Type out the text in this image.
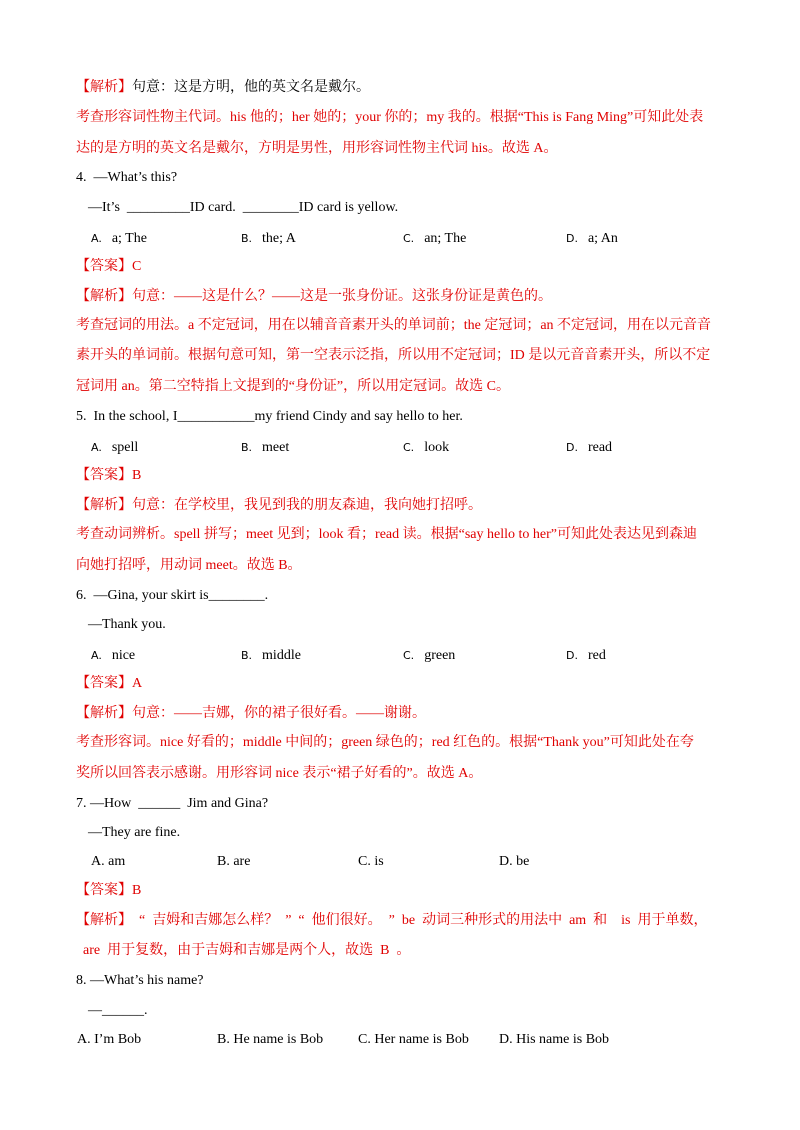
【解析】句意：这是方明，他的英文名是戴尔。
考查形容词性物主代词。his 他的；her 她的；your 你的；my 我的。根据“This is Fang Ming”可知此处表
达的是方明的英文名是戴尔，方明是男性，用形容词性物主代词 his。故选 A。
4.  —What’s this?
—It’s  _________ID card.  ________ID card is yellow.
A. a; The	B. the; A	C. an; The	D. a; An
【答案】C
【解析】句意：——这是什么？——这是一张身份证。这张身份证是黄色的。
考查冠词的用法。a 不定冠词，用在以辅音音素开头的单词前；the 定冠词；an 不定冠词，用在以元音音
素开头的单词前。根据句意可知，第一空表示泛指，所以用不定冠词；ID 是以元音音素开头，所以不定
冠词用 an。第二空特指上文提到的“身份证”，所以用定冠词。故选 C。
5.  In the school, I___________my friend Cindy and say hello to her.
A. spell	B. meet	C. look	D. read
【答案】B
【解析】句意：在学校里，我见到我的朋友森迪，我向她打招呼。
考查动词辨析。spell 拼写；meet 见到；look 看；read 读。根据“say hello to her”可知此处表达见到森迪
向她打招呼，用动词 meet。故选 B。
6.  —Gina, your skirt is________.
—Thank you.
A. nice	B. middle	C. green	D. red
【答案】A
【解析】句意：——吉娜，你的裙子很好看。——谢谢。
考查形容词。nice 好看的；middle 中间的；green 绿色的；red 红色的。根据“Thank you”可知此处在夸
奖所以回答表示感谢。用形容词 nice 表示“裙子好看的”。故选 A。
7. —How  ______  Jim and Gina?
—They are fine.
A. am	B. are	C. is	D. be
【答案】B
【解析】  “  吉姆和吉娜怎么样？  ”  “  他们很好。  ”  be  动词三种形式的用法中  am  和    is  用于单数，
are  用于复数，由于吉姆和吉娜是两个人，故选  B  。
8. —What’s his name?
—______.
A. I’m Bob	B. He name is Bob C. Her name is Bob D. His name is Bob
